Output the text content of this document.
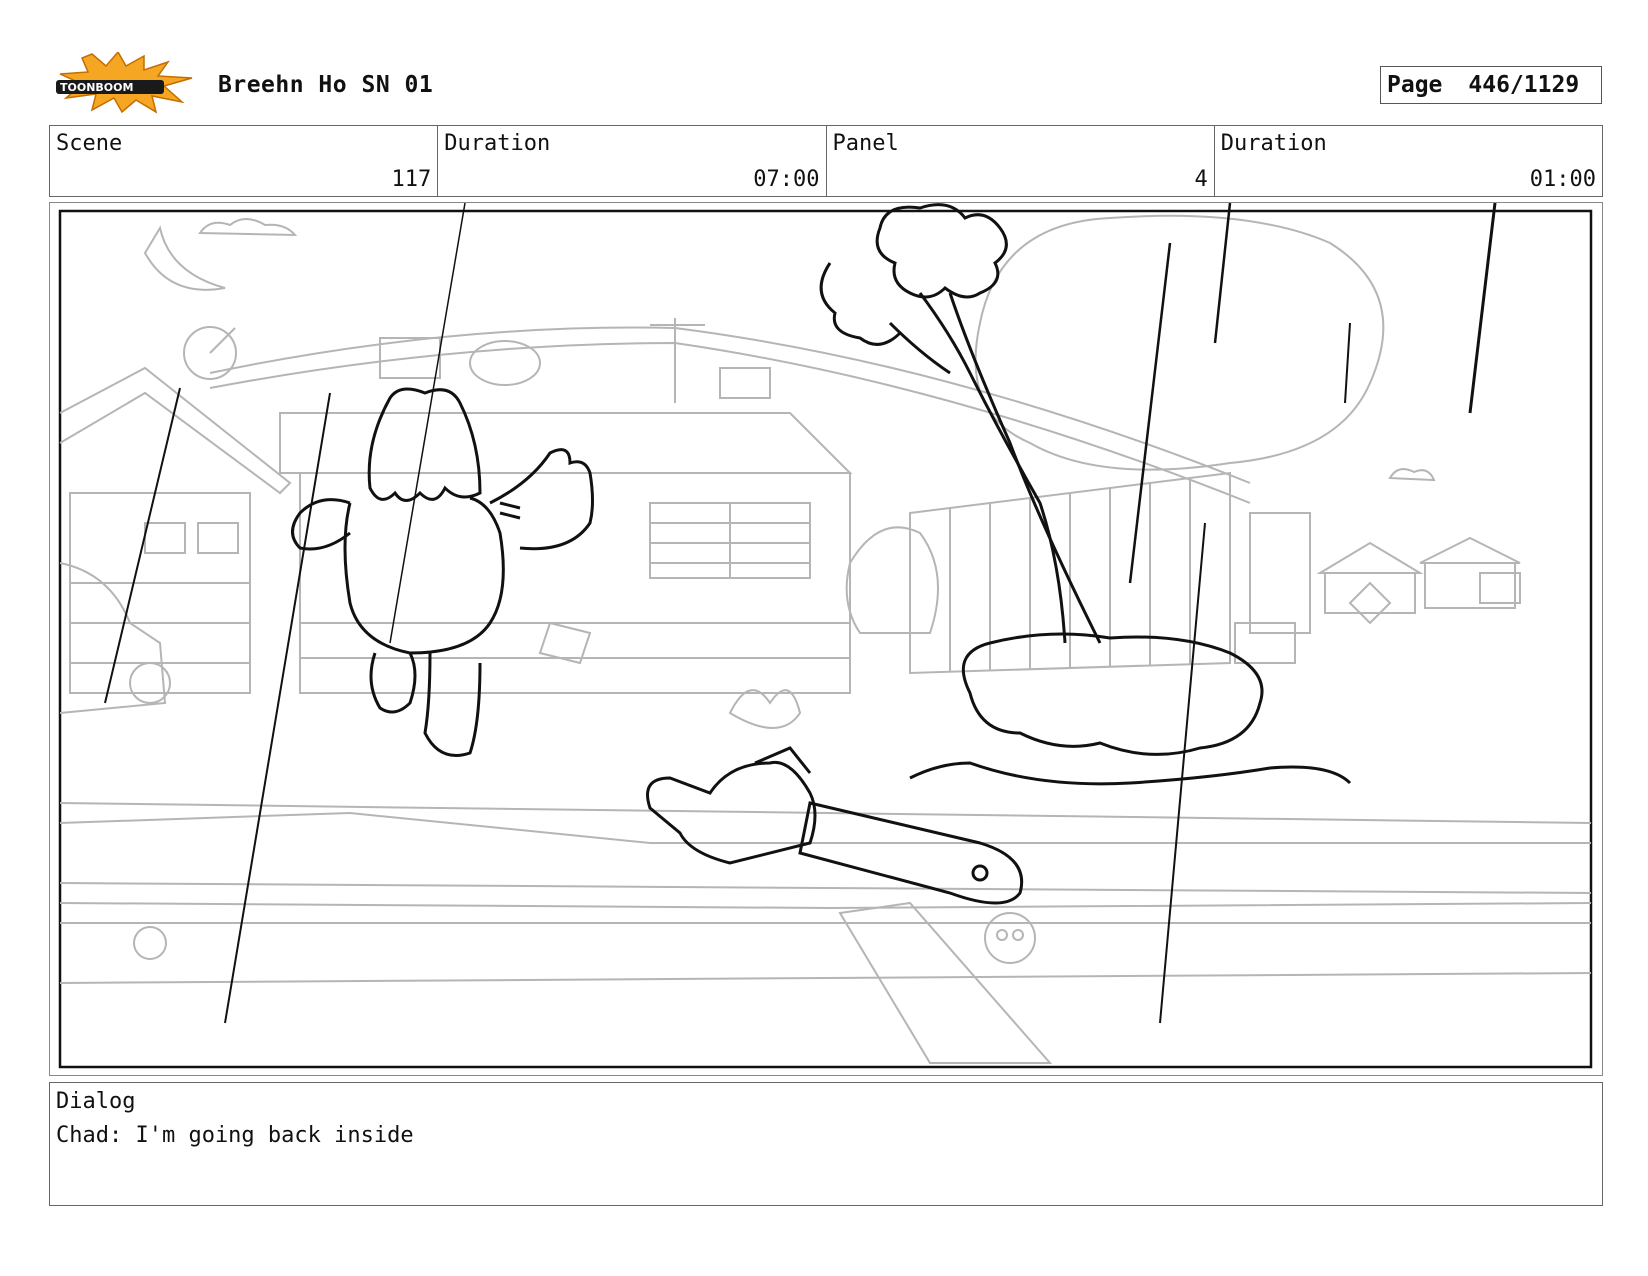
TOONBOOM	Breehn Ho SN 01	Page 446/1129
Scene
117
Duration
07:00
Panel
4
Duration
01:00
Dialog
Chad: I'm going back inside
